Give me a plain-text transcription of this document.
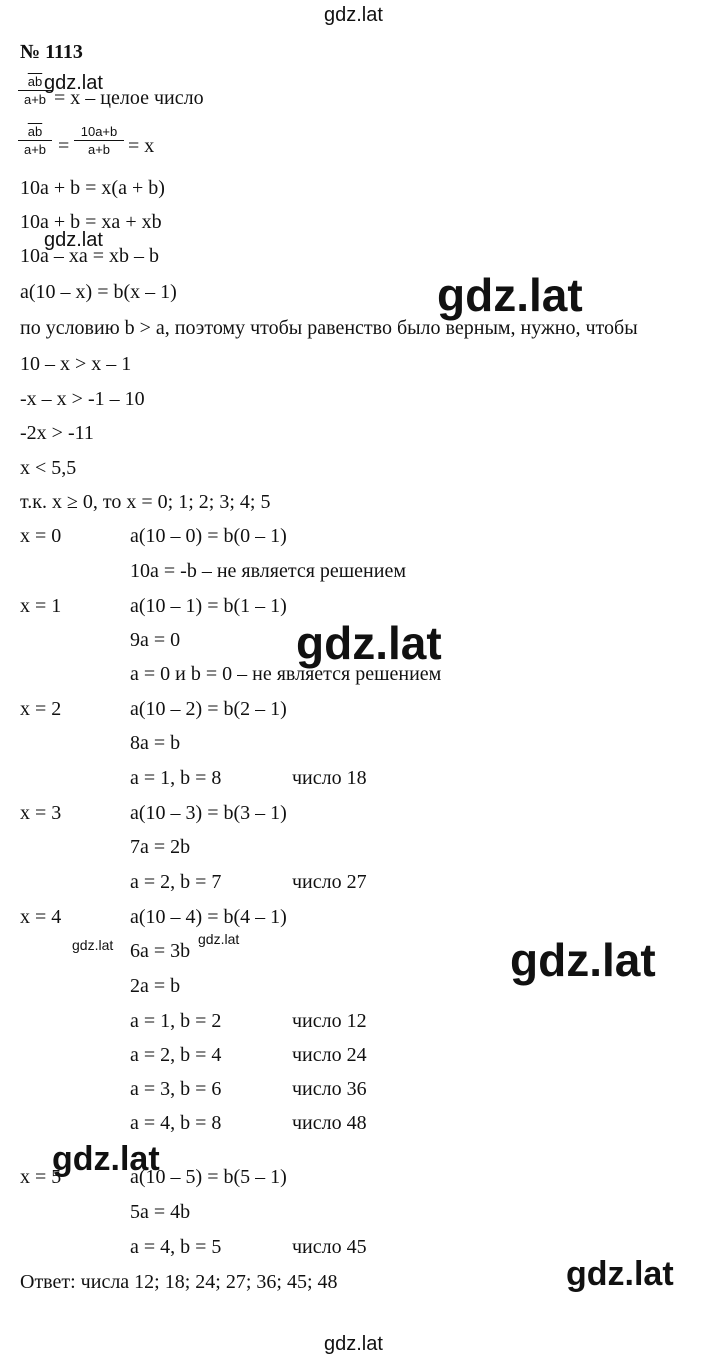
gdz.lat
№ 1113
$\overline{ab}$
a+b = x – целое число
gdz.lat
$\overline{ab}$
a+b =
10a+b
a+b = x
10a + b = x(a + b)
10a + b = xa + xb
10a – xa = xb – b
gdz.lat
a(10 – x) = b(x – 1)	gdz.lat
по условию b > a, поэтому чтобы равенство было верным, нужно, чтобы
10 – x > x – 1
-x – x > -1 – 10
-2x > -11
x < 5,5
т.к. x ≥ 0, то x = 0; 1; 2; 3; 4; 5
x = 0	a(10 – 0) = b(0 – 1)
10a = -b – не является решением
x = 1	a(10 – 1) = b(1 – 1)
9a = 0
a = 0 и b = 0 – не является решением
gdz.lat
x = 2	a(10 – 2) = b(2 – 1)
8a = b
a = 1, b = 8	число 18
x = 3	a(10 – 3) = b(3 – 1)
7a = 2b
a = 2, b = 7	число 27
x = 4	a(10 – 4) = b(4 – 1)
6a = 3b
gdz.lat	gdz.lat	gdz.lat
2a = b
a = 1, b = 2	число 12
a = 2, b = 4	число 24
a = 3, b = 6	число 36
a = 4, b = 8	число 48
x = 5	a(10 – 5) = b(5 – 1)
gdz.lat
5a = 4b
a = 4, b = 5	число 45
Ответ: числа 12; 18; 24; 27; 36; 45; 48	gdz.lat
gdz.lat
